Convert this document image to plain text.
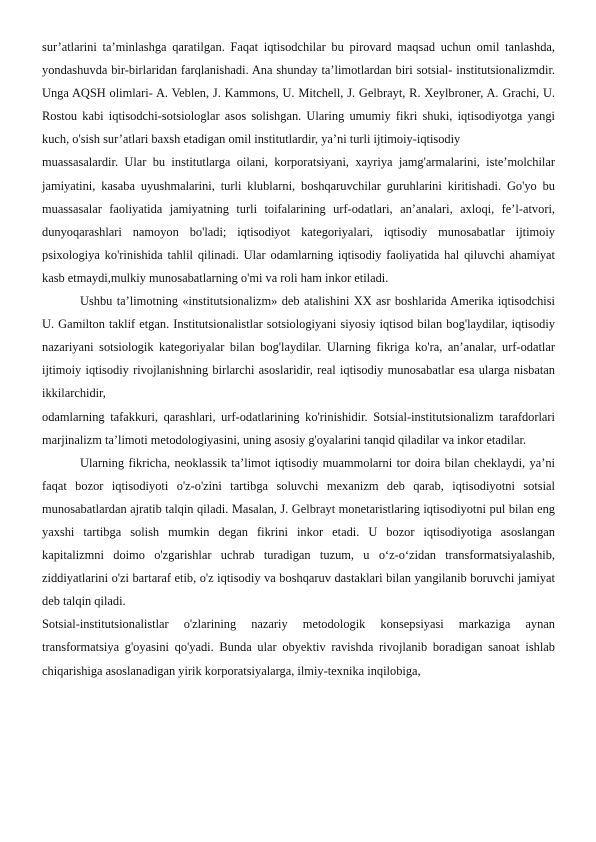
sur’atlarini ta’minlashga qaratilgan. Faqat iqtisodchilar bu pirovard maqsad uchun omil tanlashda, yondashuvda bir-birlaridan farqlanishadi. Ana shunday ta’limotlardan biri sotsial- institutsionalizmdir. Unga AQSH olimlari- A. Veblen, J. Kammons, U. Mitchell, J. Gelbrayt, R. Xeylbroner, A. Grachi, U. Rostou kabi iqtisodchi-sotsiologlar asos solishgan. Ularing umumiy fikri shuki, iqtisodiyotga yangi kuch, o'sish sur’atlari baxsh etadigan omil institutlardir, ya’ni turli ijtimoiy-iqtisodiy

muassasalardir. Ular bu institutlarga oilani, korporatsiyani, xayriya jamg'armalarini, iste’molchilar jamiyatini, kasaba uyushmalarini, turli klublarni, boshqaruvchilar guruhlarini kiritishadi. Go'yo bu muassasalar faoliyatida jamiyatning turli toifalarining urf-odatlari, an’analari, axloqi, fe’l-atvori, dunyoqarashlari namoyon bo'ladi; iqtisodiyot kategoriyalari, iqtisodiy munosabatlar ijtimoiy psixologiya ko'rinishida tahlil qilinadi. Ular odamlarning iqtisodiy faoliyatida hal qiluvchi ahamiyat kasb etmaydi,mulkiy munosabatlarning o'mi va roli ham inkor etiladi.

Ushbu ta’limotning «institutsionalizm» deb atalishini XX asr boshlarida Amerika iqtisodchisi U. Gamilton taklif etgan. Institutsionalistlar sotsiologiyani siyosiy iqtisod bilan bog'laydilar, iqtisodiy nazariyani sotsiologik kategoriyalar bilan bog'laydilar. Ularning fikriga ko'ra, an’analar, urf-odatlar ijtimoiy iqtisodiy rivojlanishning birlarchi asoslaridir, real iqtisodiy munosabatlar esa ularga nisbatan ikkilarchidir,

odamlarning tafakkuri, qarashlari, urf-odatlarining ko'rinishidir. Sotsial-institutsionalizm tarafdorlari marjinalizm ta’limoti metodologiyasini, uning asosiy g'oyalarini tanqid qiladilar va inkor etadilar.

Ularning fikricha, neoklassik ta’limot iqtisodiy muammolarni tor doira bilan cheklaydi, ya’ni faqat bozor iqtisodiyoti o'z-o'zini tartibga soluvchi mexanizm deb qarab, iqtisodiyotni sotsial munosabatlardan ajratib talqin qiladi. Masalan, J. Gelbrayt monetaristlaring iqtisodiyotni pul bilan eng yaxshi tartibga solish mumkin degan fikrini inkor etadi. U bozor iqtisodiyotiga asoslangan kapitalizmni doimo o'zgarishlar uchrab turadigan tuzum, u o‘z-o‘zidan transformatsiyalashib, ziddiyatlarini o'zi bartaraf etib, o'z iqtisodiy va boshqaruv dastaklari bilan yangilanib boruvchi jamiyat deb talqin qiladi.

Sotsial-institutsionalistlar o'zlarining nazariy metodologik konsepsiyasi markaziga aynan transformatsiya g'oyasini qo'yadi. Bunda ular obyektiv ravishda rivojlanib boradigan sanoat ishlab chiqarishiga asoslanadigan yirik korporatsiyalarga, ilmiy-texnika inqilobiga,
